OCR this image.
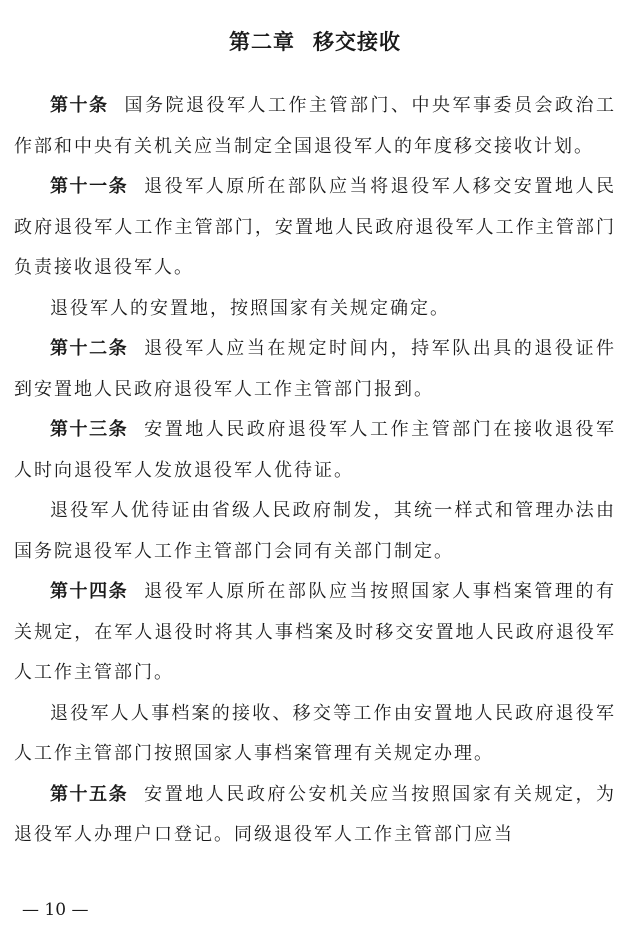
第二章 移交接收

第十条 国务院退役军人工作主管部门、中央军事委员会政治工作部和中央有关机关应当制定全国退役军人的年度移交接收计划。

第十一条 退役军人原所在部队应当将退役军人移交安置地人民政府退役军人工作主管部门，安置地人民政府退役军人工作主管部门负责接收退役军人。

退役军人的安置地，按照国家有关规定确定。

第十二条 退役军人应当在规定时间内，持军队出具的退役证件到安置地人民政府退役军人工作主管部门报到。

第十三条 安置地人民政府退役军人工作主管部门在接收退役军人时向退役军人发放退役军人优待证。

退役军人优待证由省级人民政府制发，其统一样式和管理办法由国务院退役军人工作主管部门会同有关部门制定。

第十四条 退役军人原所在部队应当按照国家人事档案管理的有关规定，在军人退役时将其人事档案及时移交安置地人民政府退役军人工作主管部门。

退役军人人事档案的接收、移交等工作由安置地人民政府退役军人工作主管部门按照国家人事档案管理有关规定办理。

第十五条 安置地人民政府公安机关应当按照国家有关规定，为退役军人办理户口登记。同级退役军人工作主管部门应当

— 10 —
